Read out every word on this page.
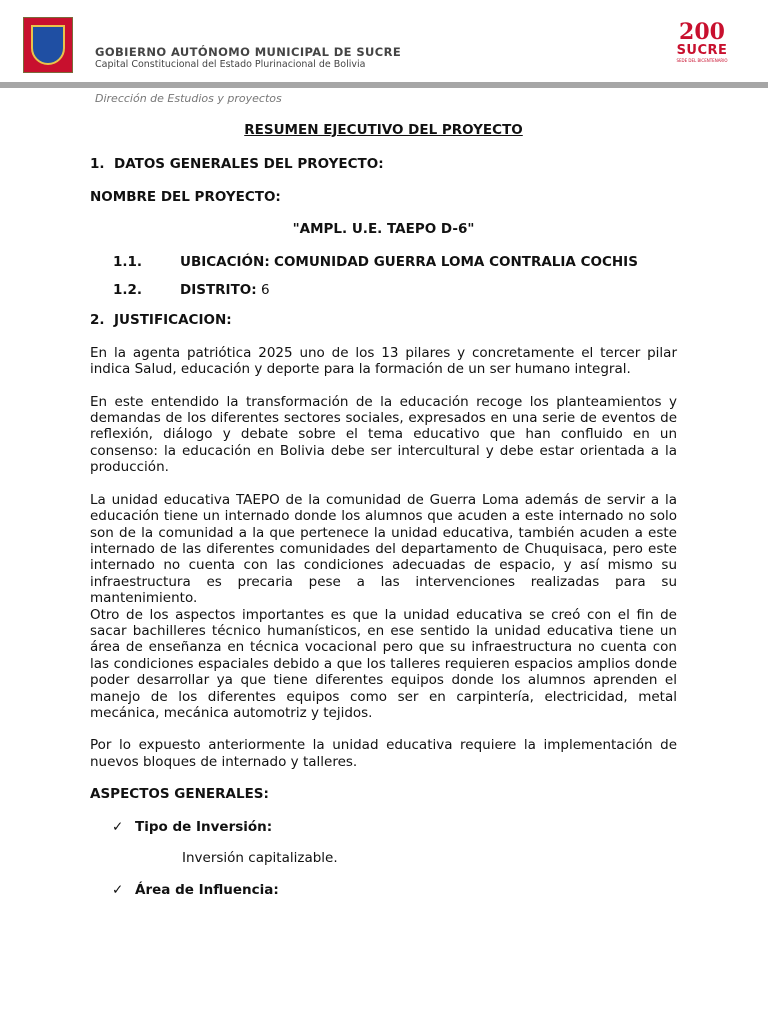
GOBIERNO AUTÓNOMO MUNICIPAL DE SUCRE

Capital Constitucional del Estado Plurinacional de Bolivia

200
SUCRE
SEDE DEL BICENTENARIO

Dirección de Estudios y proyectos

RESUMEN EJECUTIVO DEL PROYECTO

1. DATOS GENERALES DEL PROYECTO:

NOMBRE DEL PROYECTO:

"AMPL. U.E. TAEPO D-6"

1.1.	UBICACIÓN:
COMUNIDAD GUERRA LOMA CONTRALIA COCHIS
1.2.	DISTRITO:
6
2. JUSTIFICACION:

En la agenta patriótica 2025 uno de los 13 pilares y concretamente el tercer pilar indica Salud, educación y deporte para la formación de un ser humano integral.

En este entendido la transformación de la educación recoge los planteamientos y demandas de los diferentes sectores sociales, expresados en una serie de eventos de reflexión, diálogo y debate sobre el tema educativo que han confluido en un consenso: la educación en Bolivia debe ser intercultural y debe estar orientada a la producción.

La unidad educativa TAEPO de la comunidad de Guerra Loma además de servir a la educación tiene un internado donde los alumnos que acuden a este internado no solo son de la comunidad a la que pertenece la unidad educativa, también acuden a este internado de las diferentes comunidades del departamento de Chuquisaca, pero este internado no cuenta con las condiciones adecuadas de espacio, y así mismo su infraestructura es precaria pese a las intervenciones realizadas para su mantenimiento.

Otro de los aspectos importantes es que la unidad educativa se creó con el fin de sacar bachilleres técnico humanísticos, en ese sentido la unidad educativa tiene un área de enseñanza en técnica vocacional pero que su infraestructura no cuenta con las condiciones espaciales debido a que los talleres requieren espacios amplios donde poder desarrollar ya que tiene diferentes equipos donde los alumnos aprenden el manejo de los diferentes equipos como ser en carpintería, electricidad, metal mecánica, mecánica automotriz y tejidos.

Por lo expuesto anteriormente la unidad educativa requiere la implementación de nuevos bloques de internado y talleres.

ASPECTOS GENERALES:

✓ Tipo de Inversión:

Inversión capitalizable.

✓ Área de Influencia:
